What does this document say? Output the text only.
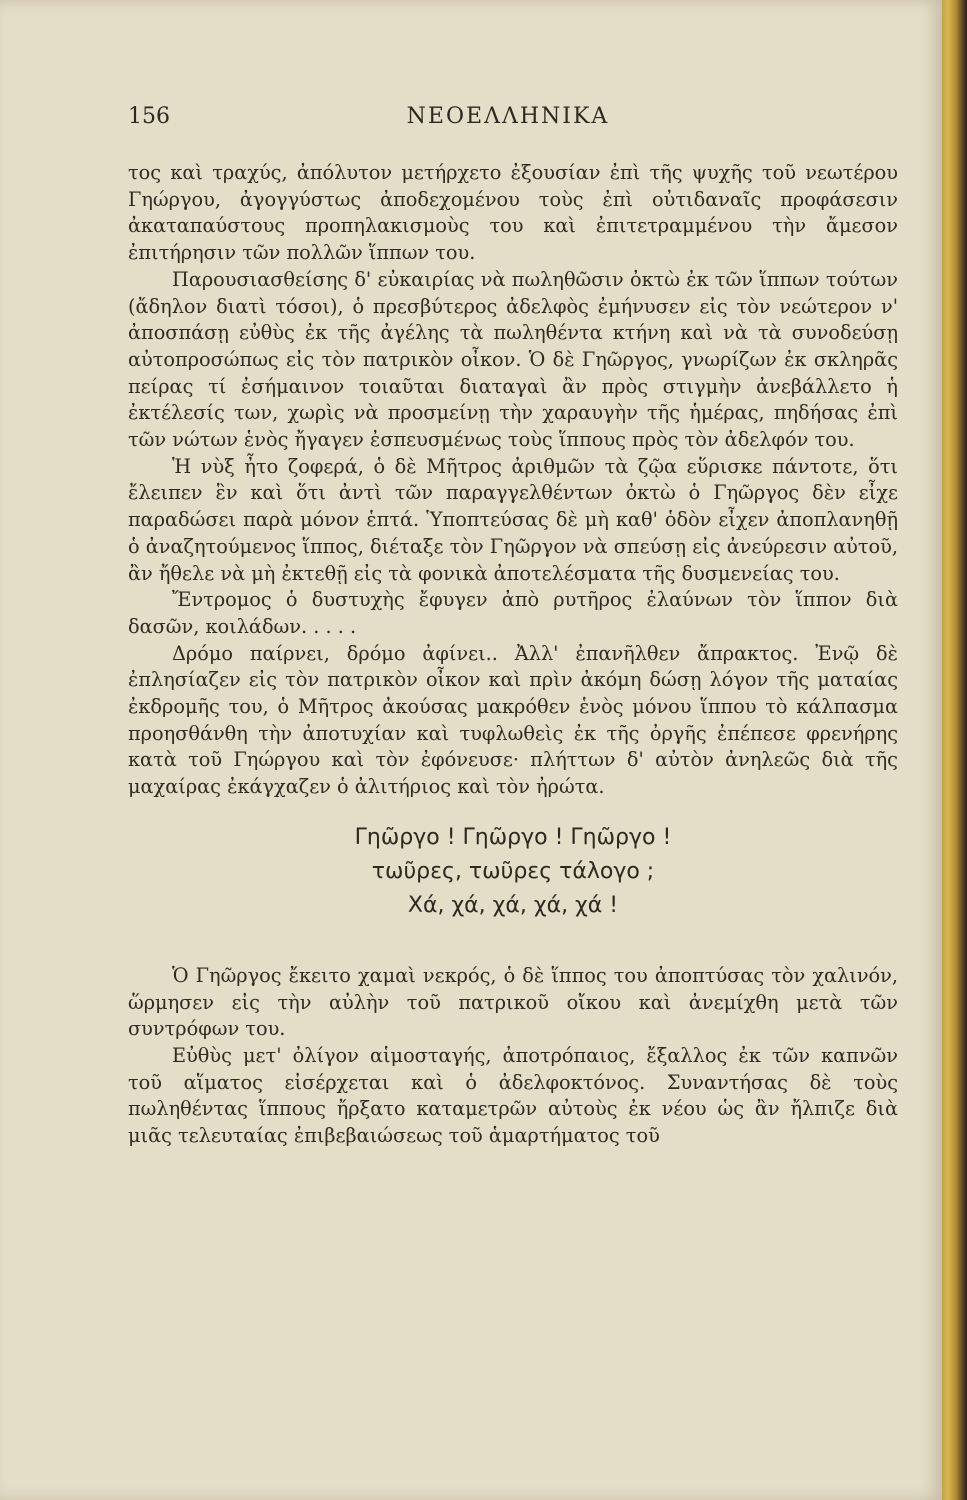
156	ΝΕΟΕΛΛΗΝΙΚΑ

τος καὶ τραχύς, ἀπόλυτον μετήρχετο ἐξουσίαν ἐπὶ τῆς ψυχῆς τοῦ νεωτέρου Γηώργου, ἀγογγύστως ἀποδεχομένου τοὺς ἐπὶ οὐτιδαναῖς προφάσεσιν ἀκαταπαύστους προπηλακισμοὺς του καὶ ἐπιτετραμμένου τὴν ἄμεσον ἐπιτήρησιν τῶν πολλῶν ἵππων του.

Παρουσιασθείσης δ' εὐκαιρίας νὰ πωληθῶσιν ὀκτὼ ἐκ τῶν ἵππων τούτων (ἄδηλον διατὶ τόσοι), ὁ πρεσβύτερος ἀδελφὸς ἐμήνυσεν εἰς τὸν νεώτερον ν' ἀποσπάσῃ εὐθὺς ἐκ τῆς ἀγέλης τὰ πωληθέντα κτήνη καὶ νὰ τὰ συνοδεύσῃ αὐτοπροσώπως εἰς τὸν πατρικὸν οἶκον. Ὁ δὲ Γηῶργος, γνωρίζων ἐκ σκληρᾶς πείρας τί ἐσήμαινον τοιαῦται διαταγαὶ ἂν πρὸς στιγμὴν ἀνεβάλλετο ἡ ἐκτέλεσίς των, χωρὶς νὰ προσμείνῃ τὴν χαραυγὴν τῆς ἡμέρας, πηδήσας ἐπὶ τῶν νώτων ἑνὸς ἤγαγεν ἐσπευσμένως τοὺς ἵππους πρὸς τὸν ἀδελφόν του.

Ἡ νὺξ ἦτο ζοφερά, ὁ δὲ Μῆτρος ἀριθμῶν τὰ ζῷα εὕρισκε πάντοτε, ὅτι ἔλειπεν ἓν καὶ ὅτι ἀντὶ τῶν παραγγελθέντων ὀκτὼ ὁ Γηῶργος δὲν εἶχε παραδώσει παρὰ μόνον ἑπτά. Ὑποπτεύσας δὲ μὴ καθ' ὁδὸν εἶχεν ἀποπλανηθῇ ὁ ἀναζητούμενος ἵππος, διέταξε τὸν Γηῶργον νὰ σπεύσῃ εἰς ἀνεύρεσιν αὐτοῦ, ἂν ἤθελε νὰ μὴ ἐκτεθῇ εἰς τὰ φονικὰ ἀποτελέσματα τῆς δυσμενείας του.

Ἔντρομος ὁ δυστυχὴς ἔφυγεν ἀπὸ ρυτῆρος ἐλαύνων τὸν ἵππον διὰ δασῶν, κοιλάδων. . . . .

Δρόμο παίρνει, δρόμο ἀφίνει.. Ἀλλ' ἐπανῆλθεν ἄπρακτος. Ἐνῷ δὲ ἐπλησίαζεν εἰς τὸν πατρικὸν οἶκον καὶ πρὶν ἀκόμη δώσῃ λόγον τῆς ματαίας ἐκδρομῆς του, ὁ Μῆτρος ἀκούσας μακρόθεν ἑνὸς μόνου ἵππου τὸ κάλπασμα προησθάνθη τὴν ἀποτυχίαν καὶ τυφλωθεὶς ἐκ τῆς ὀργῆς ἐπέπεσε φρενήρης κατὰ τοῦ Γηώργου καὶ τὸν ἐφόνευσε· πλήττων δ' αὐτὸν ἀνηλεῶς διὰ τῆς μαχαίρας ἐκάγχαζεν ὁ ἀλιτήριος καὶ τὸν ἠρώτα.

Γηῶργο ! Γηῶργο ! Γηῶργο !
τωῦρες, τωῦρες τάλογο ;
Χά, χά, χά, χά, χά !

Ὁ Γηῶργος ἔκειτο χαμαὶ νεκρός, ὁ δὲ ἵππος του ἀποπτύσας τὸν χαλινόν, ὥρμησεν εἰς τὴν αὐλὴν τοῦ πατρικοῦ οἴκου καὶ ἀνεμίχθη μετὰ τῶν συντρόφων του.

Εὐθὺς μετ' ὀλίγον αἱμοσταγής, ἀποτρόπαιος, ἔξαλλος ἐκ τῶν καπνῶν τοῦ αἵματος εἰσέρχεται καὶ ὁ ἀδελφοκτόνος. Συναντήσας δὲ τοὺς πωληθέντας ἵππους ἤρξατο καταμετρῶν αὐτοὺς ἐκ νέου ὡς ἂν ἤλπιζε διὰ μιᾶς τελευταίας ἐπιβεβαιώσεως τοῦ ἁμαρτήματος τοῦ
